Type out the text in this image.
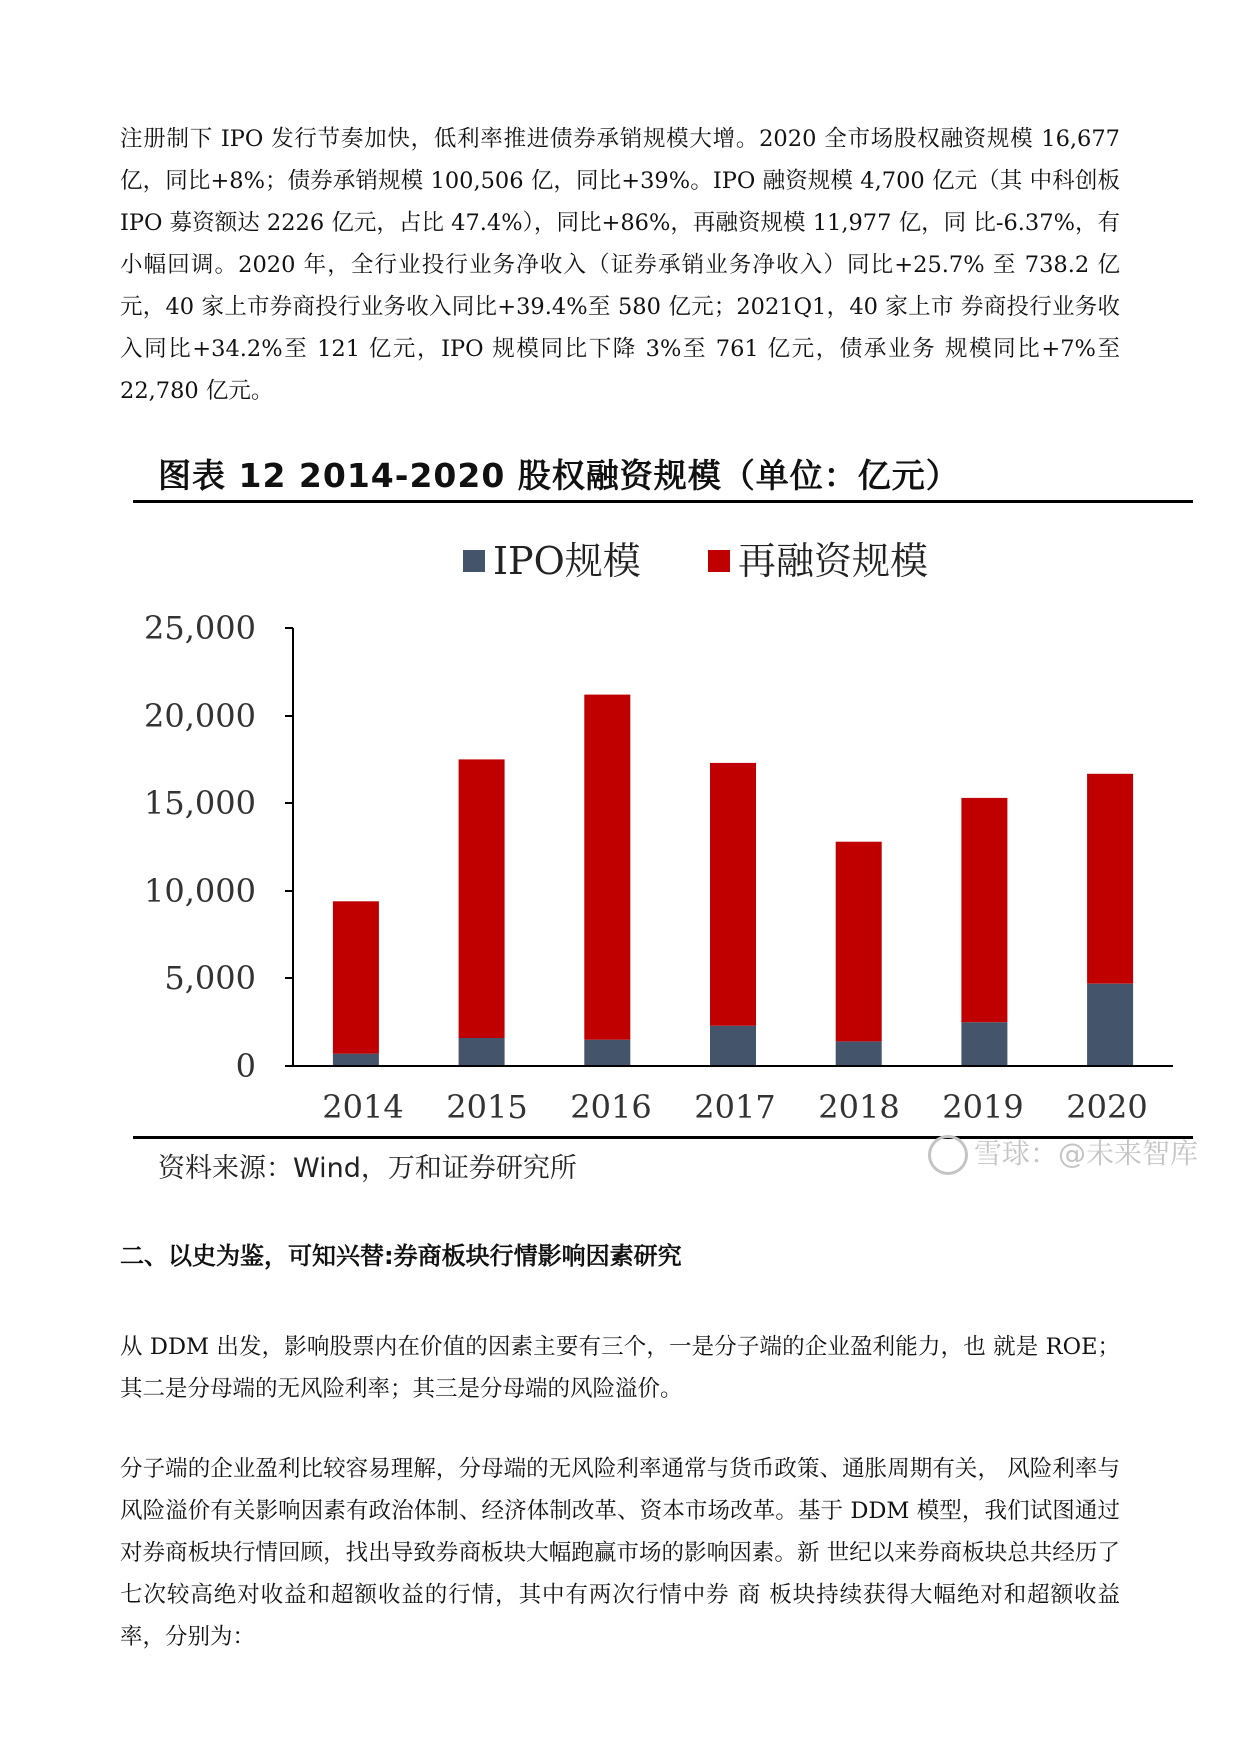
注册制下 IPO 发行节奏加快，低利率推进债券承销规模大增。2020 全市场股权融资规模 16,677 亿，同比+8%；债券承销规模 100,506 亿，同比+39%。IPO 融资规模 4,700 亿元（其 中科创板 IPO 募资额达 2226 亿元，占比 47.4%），同比+86%，再融资规模 11,977 亿，同 比-6.37%，有小幅回调。2020 年，全行业投行业务净收入（证券承销业务净收入）同比+25.7% 至 738.2 亿元，40 家上市券商投行业务收入同比+39.4%至 580 亿元；2021Q1，40 家上市 券商投行业务收入同比+34.2%至 121 亿元，IPO 规模同比下降 3%至 761 亿元，债承业务 规模同比+7%至 22,780 亿元。
图表 12 2014-2020 股权融资规模（单位：亿元）
IPO规模	再融资规模
0
5,000
10,000
15,000
20,000
25,000
2014 2015 2016 2017 2018 2019 2020
资料来源：Wind，万和证券研究所	雪球：@未来智库
二、以史为鉴，可知兴替:券商板块行情影响因素研究
从 DDM 出发，影响股票内在价值的因素主要有三个，一是分子端的企业盈利能力，也 就是 ROE；其二是分母端的无风险利率；其三是分母端的风险溢价。
分子端的企业盈利比较容易理解，分母端的无风险利率通常与货币政策、通胀周期有关， 风险利率与风险溢价有关影响因素有政治体制、经济体制改革、资本市场改革。基于 DDM 模型，我们试图通过对券商板块行情回顾，找出导致券商板块大幅跑赢市场的影响因素。新 世纪以来券商板块总共经历了七次较高绝对收益和超额收益的行情，其中有两次行情中券 商 板块持续获得大幅绝对和超额收益率，分别为：
